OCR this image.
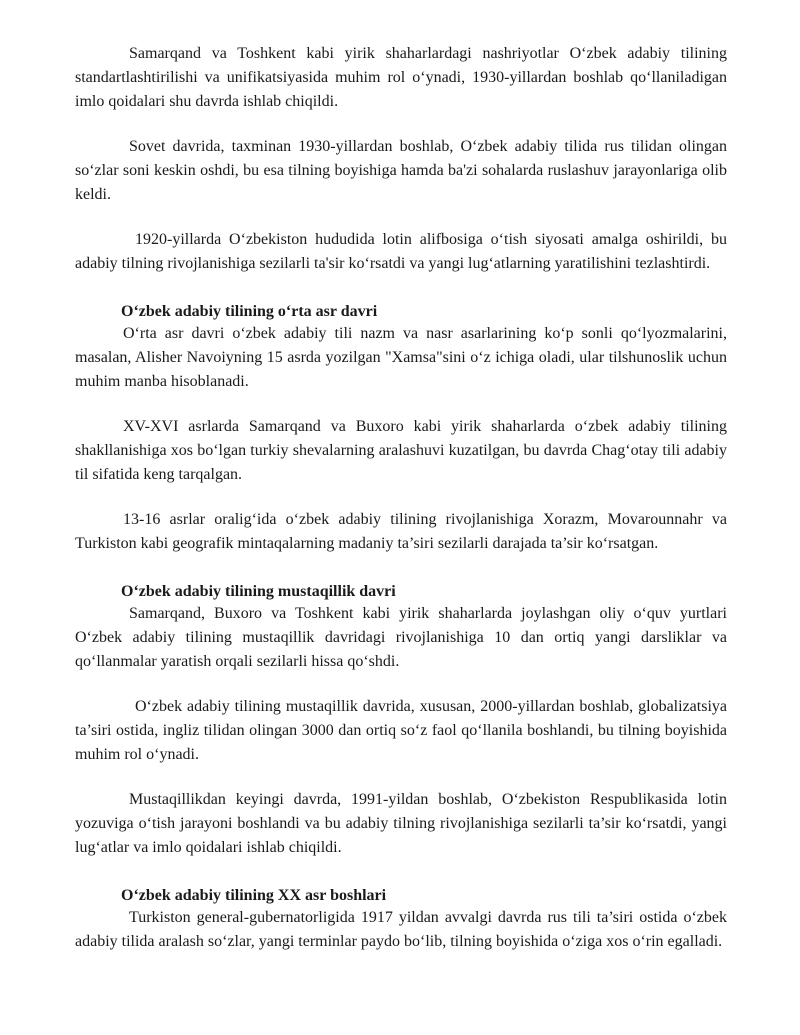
Samarqand va Toshkent kabi yirik shaharlardagi nashriyotlar O‘zbek adabiy tilining standartlashtirilishi va unifikatsiyasida muhim rol o‘ynadi, 1930-yillardan boshlab qo‘llaniladigan imlo qoidalari shu davrda ishlab chiqildi.

Sovet davrida, taxminan 1930-yillardan boshlab, O‘zbek adabiy tilida rus tilidan olingan so‘zlar soni keskin oshdi, bu esa tilning boyishiga hamda ba'zi sohalarda ruslashuv jarayonlariga olib keldi.

1920-yillarda O‘zbekiston hududida lotin alifbosiga o‘tish siyosati amalga oshirildi, bu adabiy tilning rivojlanishiga sezilarli ta'sir ko‘rsatdi va yangi lug‘atlarning yaratilishini tezlashtirdi.

O‘zbek adabiy tilining o‘rta asr davri

O‘rta asr davri o‘zbek adabiy tili nazm va nasr asarlarining ko‘p sonli qo‘lyozmalarini, masalan, Alisher Navoiyning 15 asrda yozilgan "Xamsa"sini o‘z ichiga oladi, ular tilshunoslik uchun muhim manba hisoblanadi.

XV-XVI asrlarda Samarqand va Buxoro kabi yirik shaharlarda o‘zbek adabiy tilining shakllanishiga xos bo‘lgan turkiy shevalarning aralashuvi kuzatilgan, bu davrda Chag‘otay tili adabiy til sifatida keng tarqalgan.

13-16 asrlar oralig‘ida o‘zbek adabiy tilining rivojlanishiga Xorazm, Movarounnahr va Turkiston kabi geografik mintaqalarning madaniy ta’siri sezilarli darajada ta’sir ko‘rsatgan.

O‘zbek adabiy tilining mustaqillik davri

Samarqand, Buxoro va Toshkent kabi yirik shaharlarda joylashgan oliy o‘quv yurtlari O‘zbek adabiy tilining mustaqillik davridagi rivojlanishiga 10 dan ortiq yangi darsliklar va qo‘llanmalar yaratish orqali sezilarli hissa qo‘shdi.

O‘zbek adabiy tilining mustaqillik davrida, xususan, 2000-yillardan boshlab, globalizatsiya ta’siri ostida, ingliz tilidan olingan 3000 dan ortiq so‘z faol qo‘llanila boshlandi, bu tilning boyishida muhim rol o‘ynadi.

Mustaqillikdan keyingi davrda, 1991-yildan boshlab, O‘zbekiston Respublikasida lotin yozuviga o‘tish jarayoni boshlandi va bu adabiy tilning rivojlanishiga sezilarli ta’sir ko‘rsatdi, yangi lug‘atlar va imlo qoidalari ishlab chiqildi.

O‘zbek adabiy tilining XX asr boshlari

Turkiston general-gubernatorligida 1917 yildan avvalgi davrda rus tili ta’siri ostida o‘zbek adabiy tilida aralash so‘zlar, yangi terminlar paydo bo‘lib, tilning boyishida o‘ziga xos o‘rin egalladi.
